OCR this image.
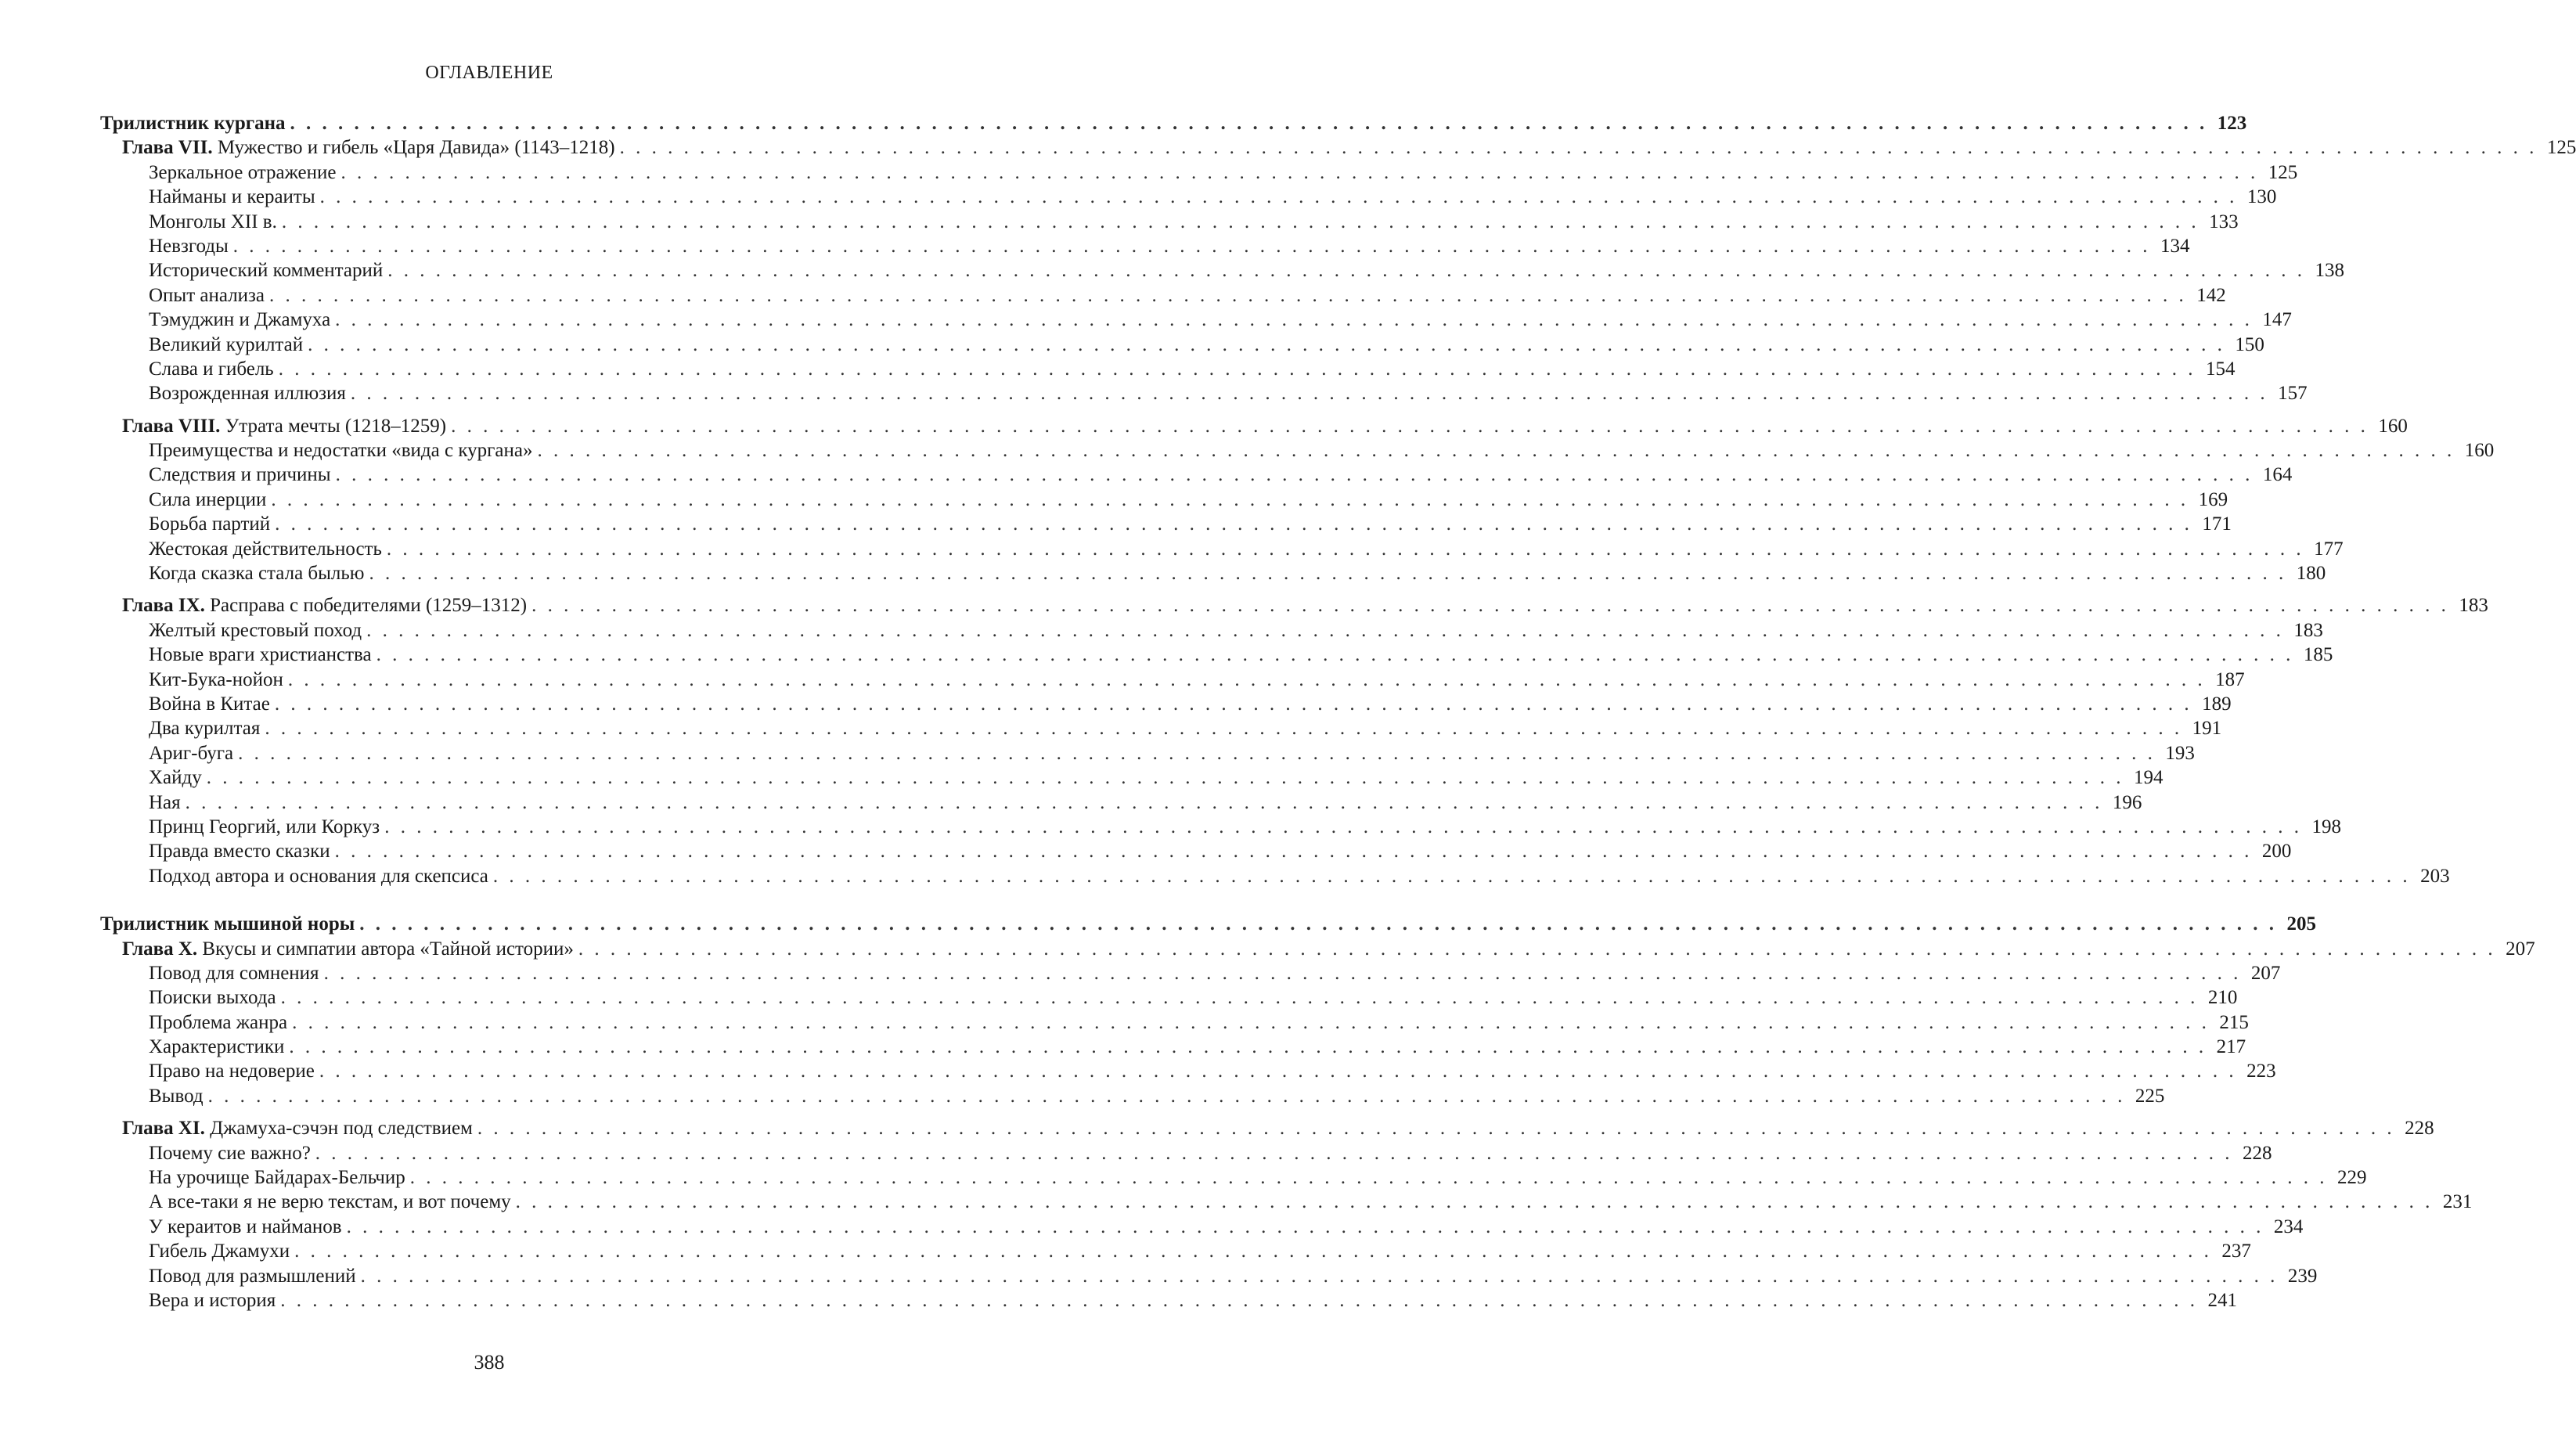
ОГЛАВЛЕНИЕ
Трилистник кургана . . . . . . . . . . . . . . . . . . . . . . . . . . . . . . . . . . . . . . . . . . . . . . . . . . . . . . . . . . . . . . . . . . . . . . . . . . . . . . . . . . . . . . . . . . . . . . . . . . . . . . . . . . . . . . . . . . . . . . . . 123
Глава VII. Мужество и гибель «Царя Давида» (1143–1218) . . . . . . . . . . . . . . . . . . . . . . . . . . . . . . . . . . . . . . . . . . . . . . . . . . . . . . . . . . . . . . . . . . . . . . . . . . . . . . . . . . . . . . . . . . . . . . . . . . . . . . . . . . . . . . . . . . . . . . . . 125
Зеркальное отражение . . . . . . . . . . . . . . . . . . . . . . . . . . . . . . . . . . . . . . . . . . . . . . . . . . . . . . . . . . . . . . . . . . . . . . . . . . . . . . . . . . . . . . . . . . . . . . . . . . . . . . . . . . . . . . . . . . . . . . . . 125
Найманы и кераиты . . . . . . . . . . . . . . . . . . . . . . . . . . . . . . . . . . . . . . . . . . . . . . . . . . . . . . . . . . . . . . . . . . . . . . . . . . . . . . . . . . . . . . . . . . . . . . . . . . . . . . . . . . . . . . . . . . . . . . . . 130
Монголы XII в. . . . . . . . . . . . . . . . . . . . . . . . . . . . . . . . . . . . . . . . . . . . . . . . . . . . . . . . . . . . . . . . . . . . . . . . . . . . . . . . . . . . . . . . . . . . . . . . . . . . . . . . . . . . . . . . . . . . . . . . . 133
Невзгоды . . . . . . . . . . . . . . . . . . . . . . . . . . . . . . . . . . . . . . . . . . . . . . . . . . . . . . . . . . . . . . . . . . . . . . . . . . . . . . . . . . . . . . . . . . . . . . . . . . . . . . . . . . . . . . . . . . . . . . . . 134
Исторический комментарий . . . . . . . . . . . . . . . . . . . . . . . . . . . . . . . . . . . . . . . . . . . . . . . . . . . . . . . . . . . . . . . . . . . . . . . . . . . . . . . . . . . . . . . . . . . . . . . . . . . . . . . . . . . . . . . . . . . . . . . . 138
Опыт анализа . . . . . . . . . . . . . . . . . . . . . . . . . . . . . . . . . . . . . . . . . . . . . . . . . . . . . . . . . . . . . . . . . . . . . . . . . . . . . . . . . . . . . . . . . . . . . . . . . . . . . . . . . . . . . . . . . . . . . . . . 142
Тэмуджин и Джамуха . . . . . . . . . . . . . . . . . . . . . . . . . . . . . . . . . . . . . . . . . . . . . . . . . . . . . . . . . . . . . . . . . . . . . . . . . . . . . . . . . . . . . . . . . . . . . . . . . . . . . . . . . . . . . . . . . . . . . . . . 147
Великий курилтай . . . . . . . . . . . . . . . . . . . . . . . . . . . . . . . . . . . . . . . . . . . . . . . . . . . . . . . . . . . . . . . . . . . . . . . . . . . . . . . . . . . . . . . . . . . . . . . . . . . . . . . . . . . . . . . . . . . . . . . . 150
Слава и гибель . . . . . . . . . . . . . . . . . . . . . . . . . . . . . . . . . . . . . . . . . . . . . . . . . . . . . . . . . . . . . . . . . . . . . . . . . . . . . . . . . . . . . . . . . . . . . . . . . . . . . . . . . . . . . . . . . . . . . . . . 154
Возрожденная иллюзия . . . . . . . . . . . . . . . . . . . . . . . . . . . . . . . . . . . . . . . . . . . . . . . . . . . . . . . . . . . . . . . . . . . . . . . . . . . . . . . . . . . . . . . . . . . . . . . . . . . . . . . . . . . . . . . . . . . . . . . . 157
Глава VIII. Утрата мечты (1218–1259) . . . . . . . . . . . . . . . . . . . . . . . . . . . . . . . . . . . . . . . . . . . . . . . . . . . . . . . . . . . . . . . . . . . . . . . . . . . . . . . . . . . . . . . . . . . . . . . . . . . . . . . . . . . . . . . . . . . . . . . . 160
Преимущества и недостатки «вида с кургана» . . . . . . . . . . . . . . . . . . . . . . . . . . . . . . . . . . . . . . . . . . . . . . . . . . . . . . . . . . . . . . . . . . . . . . . . . . . . . . . . . . . . . . . . . . . . . . . . . . . . . . . . . . . . . . . . . . . . . . . . 160
Следствия и причины . . . . . . . . . . . . . . . . . . . . . . . . . . . . . . . . . . . . . . . . . . . . . . . . . . . . . . . . . . . . . . . . . . . . . . . . . . . . . . . . . . . . . . . . . . . . . . . . . . . . . . . . . . . . . . . . . . . . . . . . 164
Сила инерции . . . . . . . . . . . . . . . . . . . . . . . . . . . . . . . . . . . . . . . . . . . . . . . . . . . . . . . . . . . . . . . . . . . . . . . . . . . . . . . . . . . . . . . . . . . . . . . . . . . . . . . . . . . . . . . . . . . . . . . . 169
Борьба партий . . . . . . . . . . . . . . . . . . . . . . . . . . . . . . . . . . . . . . . . . . . . . . . . . . . . . . . . . . . . . . . . . . . . . . . . . . . . . . . . . . . . . . . . . . . . . . . . . . . . . . . . . . . . . . . . . . . . . . . . 171
Жестокая действительность . . . . . . . . . . . . . . . . . . . . . . . . . . . . . . . . . . . . . . . . . . . . . . . . . . . . . . . . . . . . . . . . . . . . . . . . . . . . . . . . . . . . . . . . . . . . . . . . . . . . . . . . . . . . . . . . . . . . . . . . 177
Когда сказка стала былью . . . . . . . . . . . . . . . . . . . . . . . . . . . . . . . . . . . . . . . . . . . . . . . . . . . . . . . . . . . . . . . . . . . . . . . . . . . . . . . . . . . . . . . . . . . . . . . . . . . . . . . . . . . . . . . . . . . . . . . . 180
Глава IX. Расправа с победителями (1259–1312) . . . . . . . . . . . . . . . . . . . . . . . . . . . . . . . . . . . . . . . . . . . . . . . . . . . . . . . . . . . . . . . . . . . . . . . . . . . . . . . . . . . . . . . . . . . . . . . . . . . . . . . . . . . . . . . . . . . . . . . . 183
Желтый крестовый поход . . . . . . . . . . . . . . . . . . . . . . . . . . . . . . . . . . . . . . . . . . . . . . . . . . . . . . . . . . . . . . . . . . . . . . . . . . . . . . . . . . . . . . . . . . . . . . . . . . . . . . . . . . . . . . . . . . . . . . . . 183
Новые враги христианства . . . . . . . . . . . . . . . . . . . . . . . . . . . . . . . . . . . . . . . . . . . . . . . . . . . . . . . . . . . . . . . . . . . . . . . . . . . . . . . . . . . . . . . . . . . . . . . . . . . . . . . . . . . . . . . . . . . . . . . . 185
Кит-Бука-нойон . . . . . . . . . . . . . . . . . . . . . . . . . . . . . . . . . . . . . . . . . . . . . . . . . . . . . . . . . . . . . . . . . . . . . . . . . . . . . . . . . . . . . . . . . . . . . . . . . . . . . . . . . . . . . . . . . . . . . . . . 187
Война в Китае . . . . . . . . . . . . . . . . . . . . . . . . . . . . . . . . . . . . . . . . . . . . . . . . . . . . . . . . . . . . . . . . . . . . . . . . . . . . . . . . . . . . . . . . . . . . . . . . . . . . . . . . . . . . . . . . . . . . . . . . 189
Два курилтая . . . . . . . . . . . . . . . . . . . . . . . . . . . . . . . . . . . . . . . . . . . . . . . . . . . . . . . . . . . . . . . . . . . . . . . . . . . . . . . . . . . . . . . . . . . . . . . . . . . . . . . . . . . . . . . . . . . . . . . . 191
Ариг-буга . . . . . . . . . . . . . . . . . . . . . . . . . . . . . . . . . . . . . . . . . . . . . . . . . . . . . . . . . . . . . . . . . . . . . . . . . . . . . . . . . . . . . . . . . . . . . . . . . . . . . . . . . . . . . . . . . . . . . . . . 193
Хайду . . . . . . . . . . . . . . . . . . . . . . . . . . . . . . . . . . . . . . . . . . . . . . . . . . . . . . . . . . . . . . . . . . . . . . . . . . . . . . . . . . . . . . . . . . . . . . . . . . . . . . . . . . . . . . . . . . . . . . . . 194
Ная . . . . . . . . . . . . . . . . . . . . . . . . . . . . . . . . . . . . . . . . . . . . . . . . . . . . . . . . . . . . . . . . . . . . . . . . . . . . . . . . . . . . . . . . . . . . . . . . . . . . . . . . . . . . . . . . . . . . . . . . 196
Принц Георгий, или Коркуз . . . . . . . . . . . . . . . . . . . . . . . . . . . . . . . . . . . . . . . . . . . . . . . . . . . . . . . . . . . . . . . . . . . . . . . . . . . . . . . . . . . . . . . . . . . . . . . . . . . . . . . . . . . . . . . . . . . . . . . . 198
Правда вместо сказки . . . . . . . . . . . . . . . . . . . . . . . . . . . . . . . . . . . . . . . . . . . . . . . . . . . . . . . . . . . . . . . . . . . . . . . . . . . . . . . . . . . . . . . . . . . . . . . . . . . . . . . . . . . . . . . . . . . . . . . . 200
Подход автора и основания для скепсиса . . . . . . . . . . . . . . . . . . . . . . . . . . . . . . . . . . . . . . . . . . . . . . . . . . . . . . . . . . . . . . . . . . . . . . . . . . . . . . . . . . . . . . . . . . . . . . . . . . . . . . . . . . . . . . . . . . . . . . . . 203
Трилистник мышиной норы . . . . . . . . . . . . . . . . . . . . . . . . . . . . . . . . . . . . . . . . . . . . . . . . . . . . . . . . . . . . . . . . . . . . . . . . . . . . . . . . . . . . . . . . . . . . . . . . . . . . . . . . . . . . . . . . . . . . . . . . 205
Глава X. Вкусы и симпатии автора «Тайной истории» . . . . . . . . . . . . . . . . . . . . . . . . . . . . . . . . . . . . . . . . . . . . . . . . . . . . . . . . . . . . . . . . . . . . . . . . . . . . . . . . . . . . . . . . . . . . . . . . . . . . . . . . . . . . . . . . . . . . . . . . 207
Повод для сомнения . . . . . . . . . . . . . . . . . . . . . . . . . . . . . . . . . . . . . . . . . . . . . . . . . . . . . . . . . . . . . . . . . . . . . . . . . . . . . . . . . . . . . . . . . . . . . . . . . . . . . . . . . . . . . . . . . . . . . . . . 207
Поиски выхода . . . . . . . . . . . . . . . . . . . . . . . . . . . . . . . . . . . . . . . . . . . . . . . . . . . . . . . . . . . . . . . . . . . . . . . . . . . . . . . . . . . . . . . . . . . . . . . . . . . . . . . . . . . . . . . . . . . . . . . . 210
Проблема жанра . . . . . . . . . . . . . . . . . . . . . . . . . . . . . . . . . . . . . . . . . . . . . . . . . . . . . . . . . . . . . . . . . . . . . . . . . . . . . . . . . . . . . . . . . . . . . . . . . . . . . . . . . . . . . . . . . . . . . . . . 215
Характеристики . . . . . . . . . . . . . . . . . . . . . . . . . . . . . . . . . . . . . . . . . . . . . . . . . . . . . . . . . . . . . . . . . . . . . . . . . . . . . . . . . . . . . . . . . . . . . . . . . . . . . . . . . . . . . . . . . . . . . . . . 217
Право на недоверие . . . . . . . . . . . . . . . . . . . . . . . . . . . . . . . . . . . . . . . . . . . . . . . . . . . . . . . . . . . . . . . . . . . . . . . . . . . . . . . . . . . . . . . . . . . . . . . . . . . . . . . . . . . . . . . . . . . . . . . . 223
Вывод . . . . . . . . . . . . . . . . . . . . . . . . . . . . . . . . . . . . . . . . . . . . . . . . . . . . . . . . . . . . . . . . . . . . . . . . . . . . . . . . . . . . . . . . . . . . . . . . . . . . . . . . . . . . . . . . . . . . . . . . 225
Глава XI. Джамуха-сэчэн под следствием . . . . . . . . . . . . . . . . . . . . . . . . . . . . . . . . . . . . . . . . . . . . . . . . . . . . . . . . . . . . . . . . . . . . . . . . . . . . . . . . . . . . . . . . . . . . . . . . . . . . . . . . . . . . . . . . . . . . . . . . 228
Почему сие важно? . . . . . . . . . . . . . . . . . . . . . . . . . . . . . . . . . . . . . . . . . . . . . . . . . . . . . . . . . . . . . . . . . . . . . . . . . . . . . . . . . . . . . . . . . . . . . . . . . . . . . . . . . . . . . . . . . . . . . . . . 228
На урочище Байдарах-Бельчир . . . . . . . . . . . . . . . . . . . . . . . . . . . . . . . . . . . . . . . . . . . . . . . . . . . . . . . . . . . . . . . . . . . . . . . . . . . . . . . . . . . . . . . . . . . . . . . . . . . . . . . . . . . . . . . . . . . . . . . . 229
А все-таки я не верю текстам, и вот почему . . . . . . . . . . . . . . . . . . . . . . . . . . . . . . . . . . . . . . . . . . . . . . . . . . . . . . . . . . . . . . . . . . . . . . . . . . . . . . . . . . . . . . . . . . . . . . . . . . . . . . . . . . . . . . . . . . . . . . . . 231
У кераитов и найманов . . . . . . . . . . . . . . . . . . . . . . . . . . . . . . . . . . . . . . . . . . . . . . . . . . . . . . . . . . . . . . . . . . . . . . . . . . . . . . . . . . . . . . . . . . . . . . . . . . . . . . . . . . . . . . . . . . . . . . . . 234
Гибель Джамухи . . . . . . . . . . . . . . . . . . . . . . . . . . . . . . . . . . . . . . . . . . . . . . . . . . . . . . . . . . . . . . . . . . . . . . . . . . . . . . . . . . . . . . . . . . . . . . . . . . . . . . . . . . . . . . . . . . . . . . . . 237
Повод для размышлений . . . . . . . . . . . . . . . . . . . . . . . . . . . . . . . . . . . . . . . . . . . . . . . . . . . . . . . . . . . . . . . . . . . . . . . . . . . . . . . . . . . . . . . . . . . . . . . . . . . . . . . . . . . . . . . . . . . . . . . . 239
Вера и история . . . . . . . . . . . . . . . . . . . . . . . . . . . . . . . . . . . . . . . . . . . . . . . . . . . . . . . . . . . . . . . . . . . . . . . . . . . . . . . . . . . . . . . . . . . . . . . . . . . . . . . . . . . . . . . . . . . . . . . . 241
388
